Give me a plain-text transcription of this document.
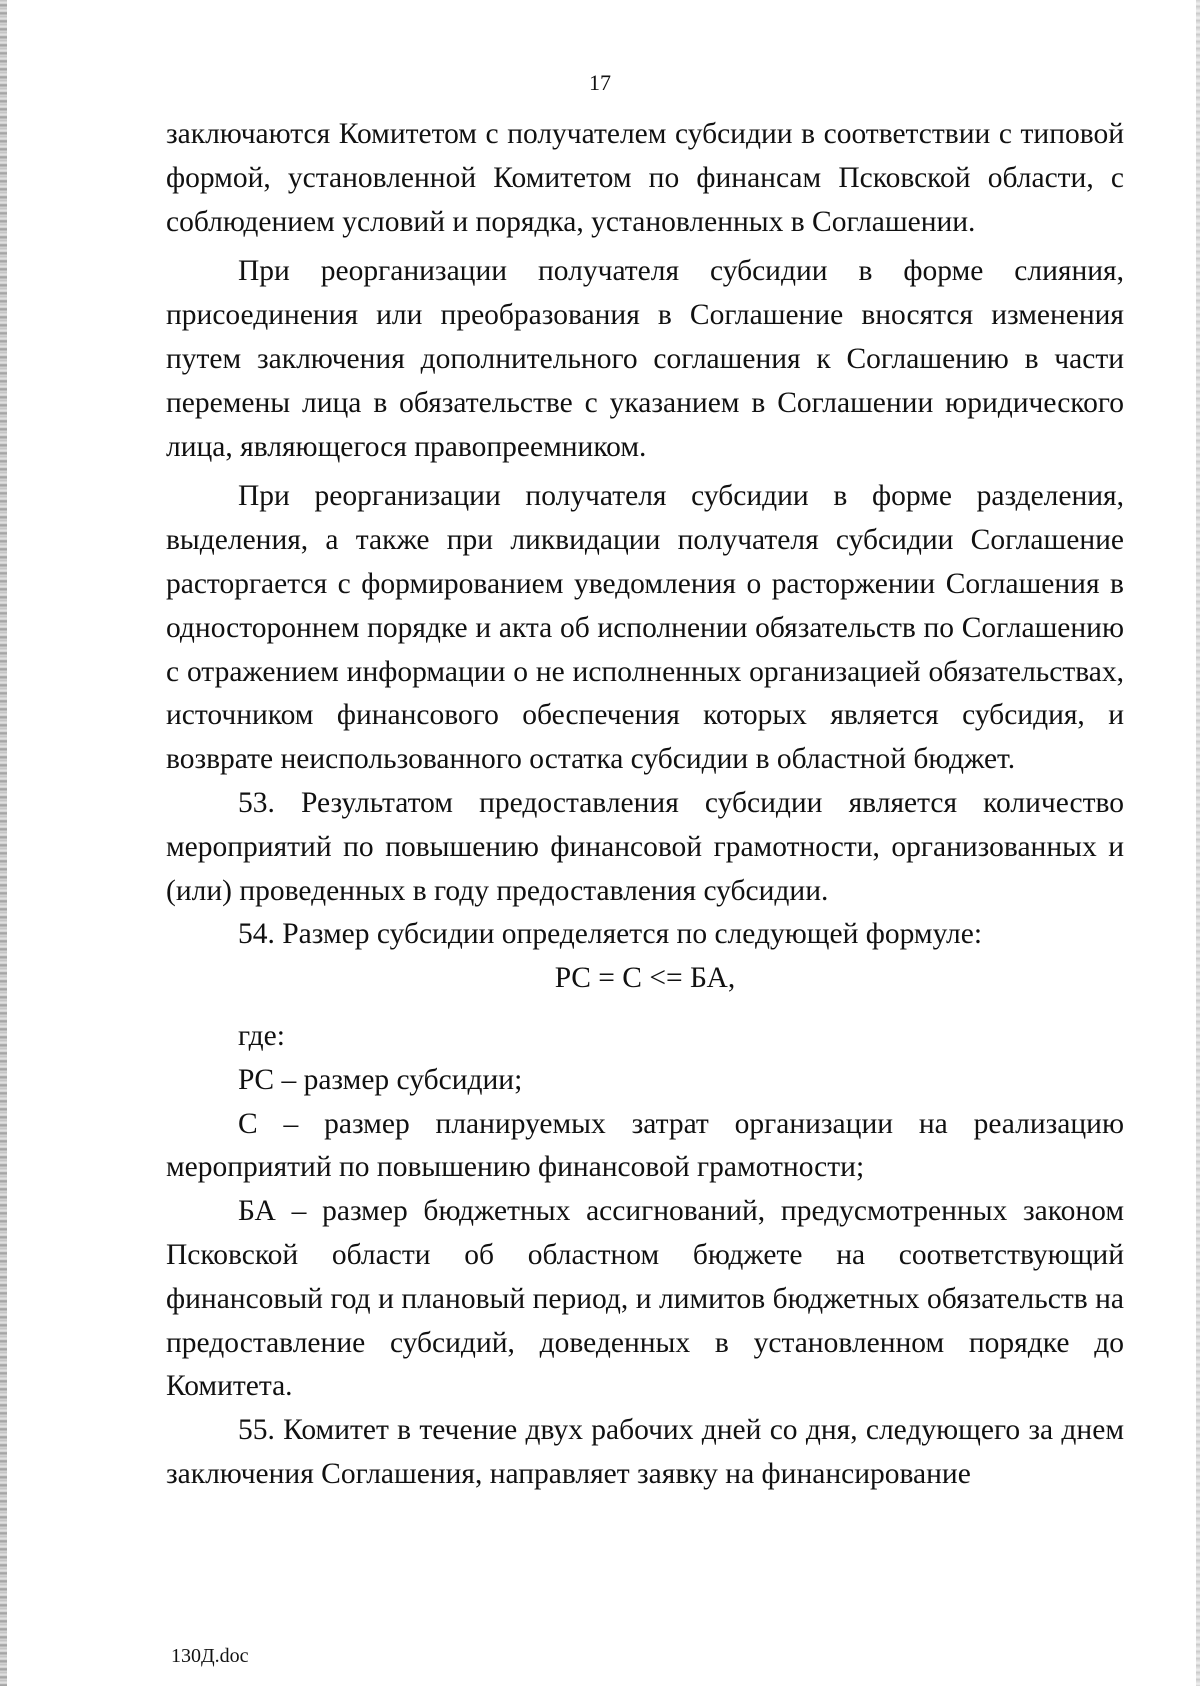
17

заключаются Комитетом с получателем субсидии в соответствии с типовой формой, установленной Комитетом по финансам Псковской области, с соблюдением условий и порядка, установленных в Соглашении.

При реорганизации получателя субсидии в форме слияния, присоединения или преобразования в Соглашение вносятся изменения путем заключения дополнительного соглашения к Соглашению в части перемены лица в обязательстве с указанием в Соглашении юридического лица, являющегося правопреемником.

При реорганизации получателя субсидии в форме разделения, выделения, а также при ликвидации получателя субсидии Соглашение расторгается с формированием уведомления о расторжении Соглашения в одностороннем порядке и акта об исполнении обязательств по Соглашению с отражением информации о не исполненных организацией обязательствах, источником финансового обеспечения которых является субсидия, и возврате неиспользованного остатка субсидии в областной бюджет.

53. Результатом предоставления субсидии является количество мероприятий по повышению финансовой грамотности, организованных и (или) проведенных в году предоставления субсидии.

54. Размер субсидии определяется по следующей формуле:

PC = C <= БА,

где:

PC – размер субсидии;

C – размер планируемых затрат организации на реализацию мероприятий по повышению финансовой грамотности;

БА – размер бюджетных ассигнований, предусмотренных законом Псковской области об областном бюджете на соответствующий финансовый год и плановый период, и лимитов бюджетных обязательств на предоставление субсидий, доведенных в установленном порядке до Комитета.

55. Комитет в течение двух рабочих дней со дня, следующего за днем заключения Соглашения, направляет заявку на финансирование

130Д.doc
